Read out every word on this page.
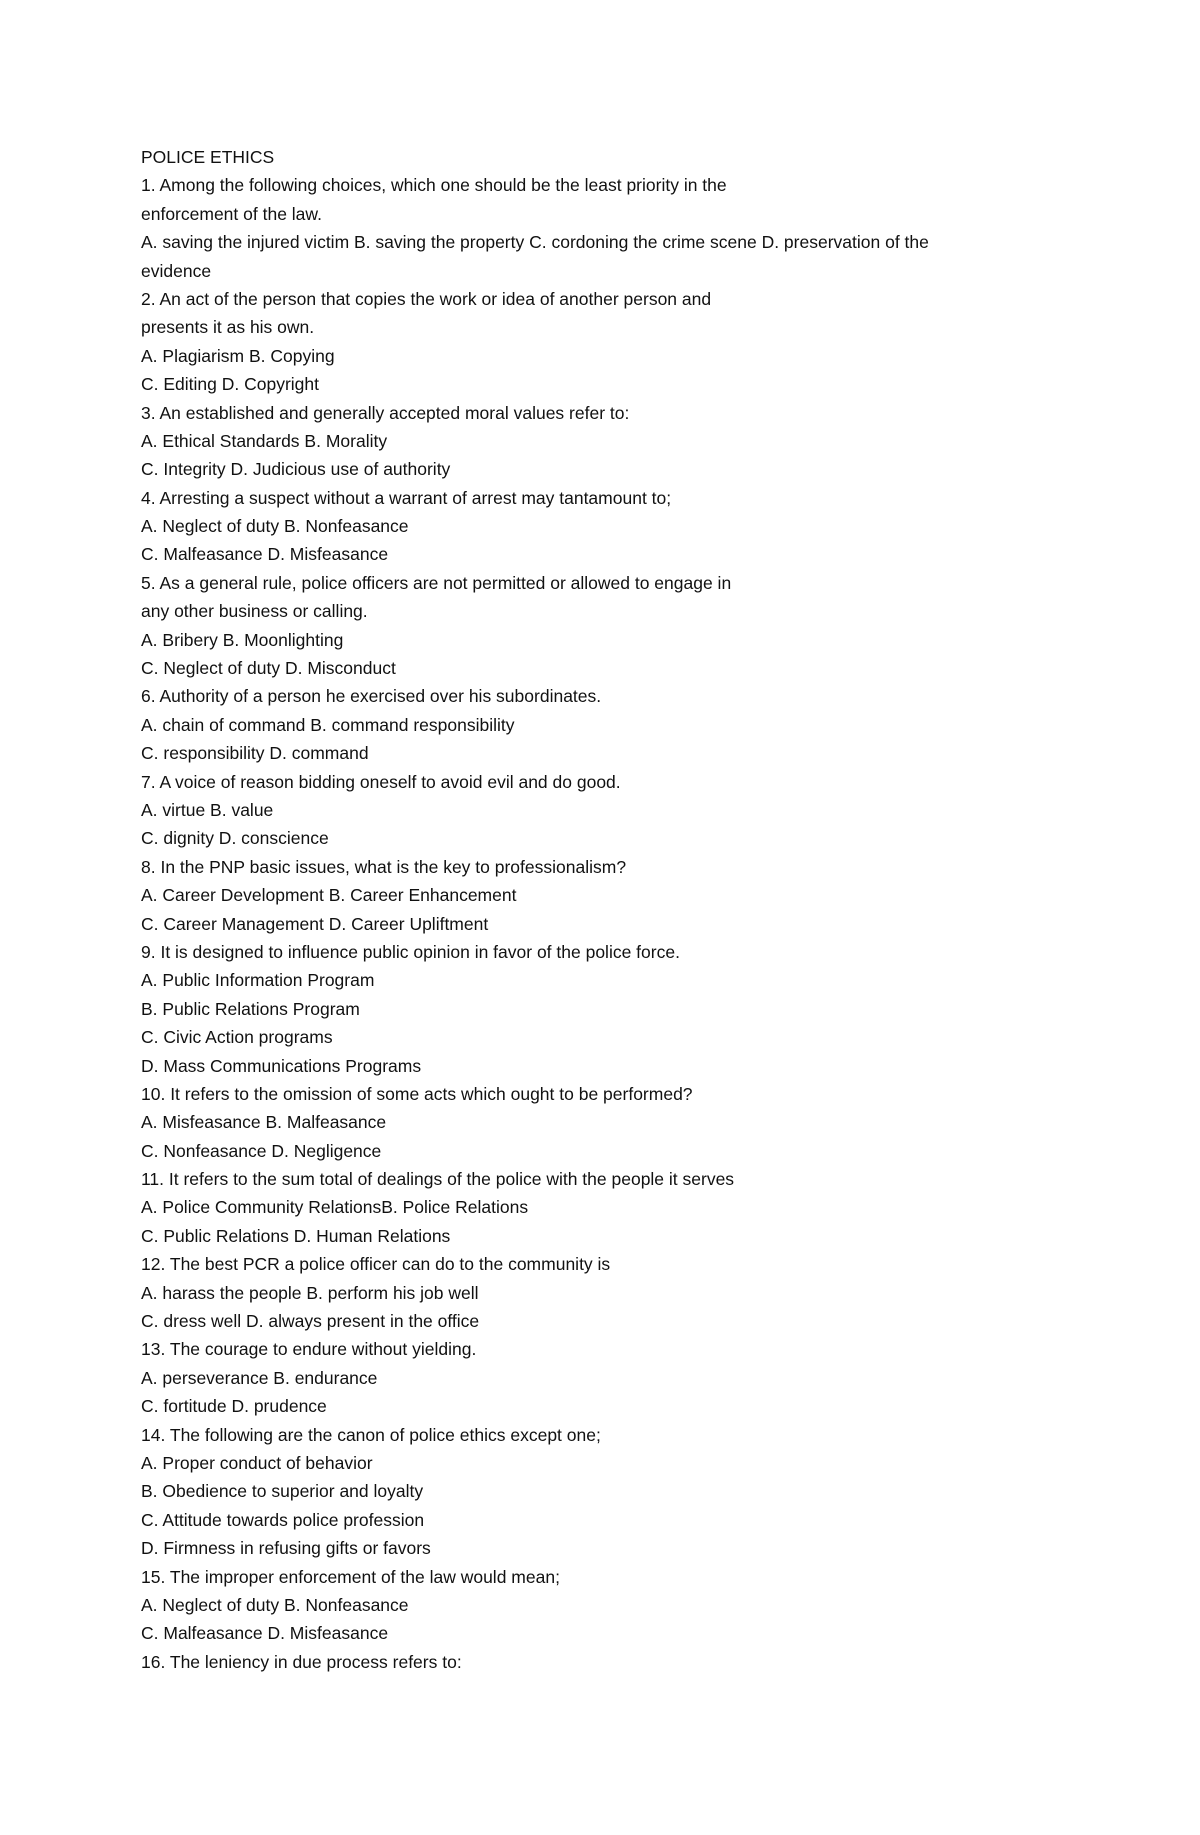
POLICE ETHICS
1. Among the following choices, which one should be the least priority in the
enforcement of the law.
A. saving the injured victim B. saving the property C. cordoning the crime scene D. preservation of the
evidence
2. An act of the person that copies the work or idea of another person and
presents it as his own.
A. Plagiarism B. Copying
C. Editing D. Copyright
3. An established and generally accepted moral values refer to:
A. Ethical Standards B. Morality
C. Integrity D. Judicious use of authority
4. Arresting a suspect without a warrant of arrest may tantamount to;
A. Neglect of duty B. Nonfeasance
C. Malfeasance D. Misfeasance
5. As a general rule, police officers are not permitted or allowed to engage in
any other business or calling.
A. Bribery B. Moonlighting
C. Neglect of duty D. Misconduct
6. Authority of a person he exercised over his subordinates.
A. chain of command B. command responsibility
C. responsibility D. command
7. A voice of reason bidding oneself to avoid evil and do good.
A. virtue B. value
C. dignity D. conscience
8. In the PNP basic issues, what is the key to professionalism?
A. Career Development B. Career Enhancement
C. Career Management D. Career Upliftment
9. It is designed to influence public opinion in favor of the police force.
A. Public Information Program
B. Public Relations Program
C. Civic Action programs
D. Mass Communications Programs
10. It refers to the omission of some acts which ought to be performed?
A. Misfeasance B. Malfeasance
C. Nonfeasance D. Negligence
11. It refers to the sum total of dealings of the police with the people it serves
A. Police Community RelationsB. Police Relations
C. Public Relations D. Human Relations
12. The best PCR a police officer can do to the community is
A. harass the people B. perform his job well
C. dress well D. always present in the office
13. The courage to endure without yielding.
A. perseverance B. endurance
C. fortitude D. prudence
14. The following are the canon of police ethics except one;
A. Proper conduct of behavior
B. Obedience to superior and loyalty
C. Attitude towards police profession
D. Firmness in refusing gifts or favors
15. The improper enforcement of the law would mean;
A. Neglect of duty B. Nonfeasance
C. Malfeasance D. Misfeasance
16. The leniency in due process refers to:
